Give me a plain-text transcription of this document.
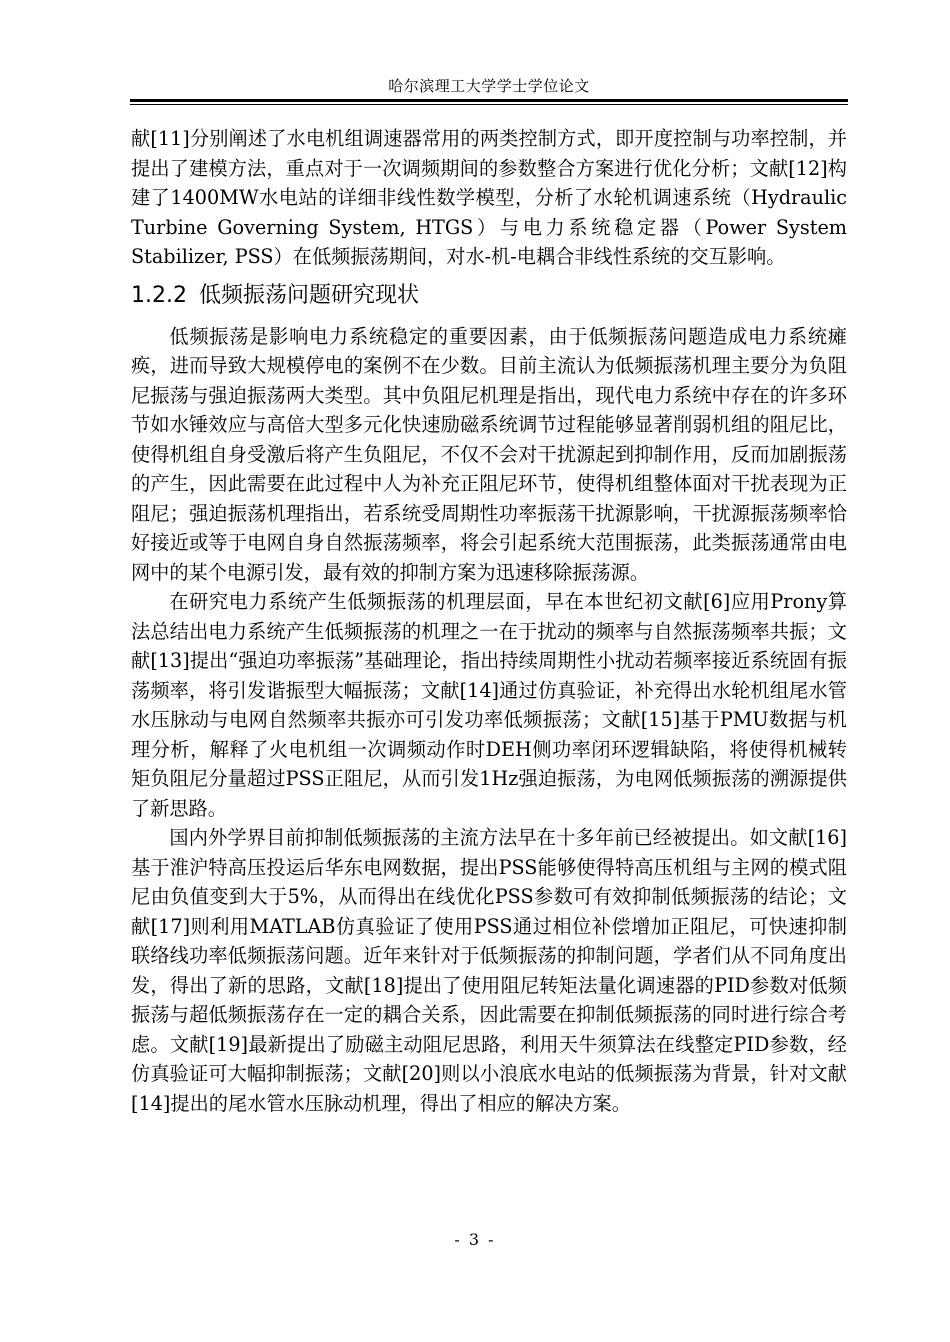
哈尔滨理工大学学士学位论文

献[11]分别阐述了水电机组调速器常用的两类控制方式，即开度控制与功率控制，并提出了建模方法，重点对于一次调频期间的参数整合方案进行优化分析；文献[12]构建了1400MW水电站的详细非线性数学模型，分析了水轮机调速系统（Hydraulic Turbine Governing System, HTGS）与电力系统稳定器（Power System Stabilizer, PSS）在低频振荡期间，对水-机-电耦合非线性系统的交互影响。

1.2.2 低频振荡问题研究现状

低频振荡是影响电力系统稳定的重要因素，由于低频振荡问题造成电力系统瘫痪，进而导致大规模停电的案例不在少数。目前主流认为低频振荡机理主要分为负阻尼振荡与强迫振荡两大类型。其中负阻尼机理是指出，现代电力系统中存在的许多环节如水锤效应与高倍大型多元化快速励磁系统调节过程能够显著削弱机组的阻尼比，使得机组自身受激后将产生负阻尼，不仅不会对干扰源起到抑制作用，反而加剧振荡的产生，因此需要在此过程中人为补充正阻尼环节，使得机组整体面对干扰表现为正阻尼；强迫振荡机理指出，若系统受周期性功率振荡干扰源影响，干扰源振荡频率恰好接近或等于电网自身自然振荡频率，将会引起系统大范围振荡，此类振荡通常由电网中的某个电源引发，最有效的抑制方案为迅速移除振荡源。

在研究电力系统产生低频振荡的机理层面，早在本世纪初文献[6]应用Prony算法总结出电力系统产生低频振荡的机理之一在于扰动的频率与自然振荡频率共振；文献[13]提出“强迫功率振荡”基础理论，指出持续周期性小扰动若频率接近系统固有振荡频率，将引发谐振型大幅振荡；文献[14]通过仿真验证，补充得出水轮机组尾水管水压脉动与电网自然频率共振亦可引发功率低频振荡；文献[15]基于PMU数据与机理分析，解释了火电机组一次调频动作时DEH侧功率闭环逻辑缺陷，将使得机械转矩负阻尼分量超过PSS正阻尼，从而引发1Hz强迫振荡，为电网低频振荡的溯源提供了新思路。

国内外学界目前抑制低频振荡的主流方法早在十多年前已经被提出。如文献[16]基于淮沪特高压投运后华东电网数据，提出PSS能够使得特高压机组与主网的模式阻尼由负值变到大于5%，从而得出在线优化PSS参数可有效抑制低频振荡的结论；文献[17]则利用MATLAB仿真验证了使用PSS通过相位补偿增加正阻尼，可快速抑制联络线功率低频振荡问题。近年来针对于低频振荡的抑制问题，学者们从不同角度出发，得出了新的思路，文献[18]提出了使用阻尼转矩法量化调速器的PID参数对低频振荡与超低频振荡存在一定的耦合关系，因此需要在抑制低频振荡的同时进行综合考虑。文献[19]最新提出了励磁主动阻尼思路，利用天牛须算法在线整定PID参数，经仿真验证可大幅抑制振荡；文献[20]则以小浪底水电站的低频振荡为背景，针对文献[14]提出的尾水管水压脉动机理，得出了相应的解决方案。

- 3 -
